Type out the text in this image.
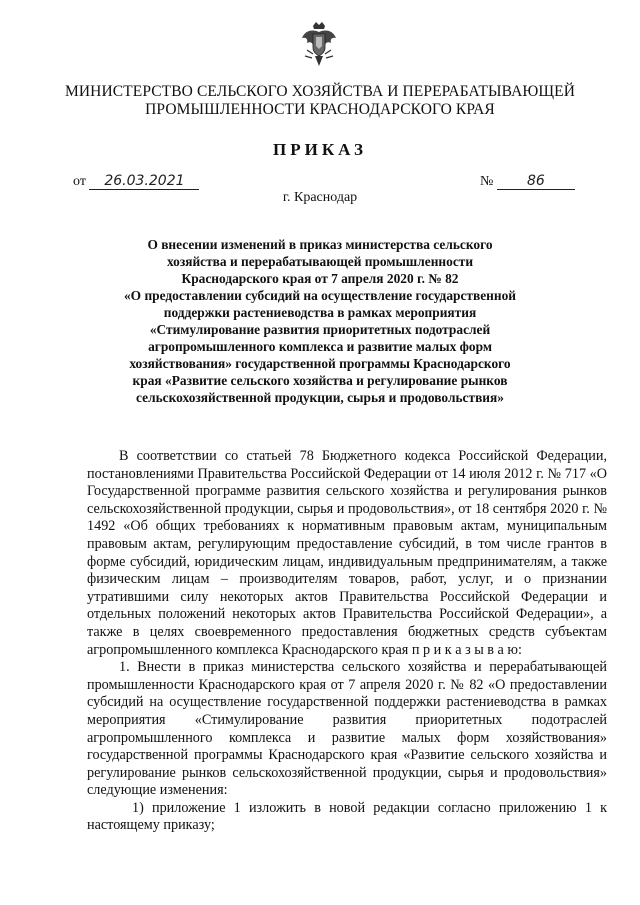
МИНИСТЕРСТВО СЕЛЬСКОГО ХОЗЯЙСТВА И ПЕРЕРАБАТЫВАЮЩЕЙ
ПРОМЫШЛЕННОСТИ КРАСНОДАРСКОГО КРАЯ
ПРИКАЗ
от 26.03.2021	№ 86
г. Краснодар
О внесении изменений в приказ министерства сельского
хозяйства и перерабатывающей промышленности
Краснодарского края от 7 апреля 2020 г. № 82
«О предоставлении субсидий на осуществление государственной
поддержки растениеводства в рамках мероприятия
«Стимулирование развития приоритетных подотраслей
агропромышленного комплекса и развитие малых форм
хозяйствования» государственной программы Краснодарского
края «Развитие сельского хозяйства и регулирование рынков
сельскохозяйственной продукции, сырья и продовольствия»

В соответствии со статьей 78 Бюджетного кодекса Российской Федерации, постановлениями Правительства Российской Федерации от 14 июля 2012 г. № 717 «О Государственной программе развития сельского хозяйства и регулирования рынков сельскохозяйственной продукции, сырья и продовольствия», от 18 сентября 2020 г. № 1492 «Об общих требованиях к нормативным правовым актам, муниципальным правовым актам, регулирующим предоставление субсидий, в том числе грантов в форме субсидий, юридическим лицам, индивидуальным предпринимателям, а также физическим лицам – производителям товаров, работ, услуг, и о признании утратившими силу некоторых актов Правительства Российской Федерации и отдельных положений некоторых актов Правительства Российской Федерации», а также в целях своевременного предоставления бюджетных средств субъектам агропромышленного комплекса Краснодарского края п р и к а з ы в а ю:

1. Внести в приказ министерства сельского хозяйства и перерабатывающей промышленности Краснодарского края от 7 апреля 2020 г. № 82 «О предоставлении субсидий на осуществление государственной поддержки растениеводства в рамках мероприятия «Стимулирование развития приоритетных подотраслей агропромышленного комплекса и развитие малых форм хозяйствования» государственной программы Краснодарского края «Развитие сельского хозяйства и регулирование рынков сельскохозяйственной продукции, сырья и продовольствия» следующие изменения:

1) приложение 1 изложить в новой редакции согласно приложению 1 к настоящему приказу;
